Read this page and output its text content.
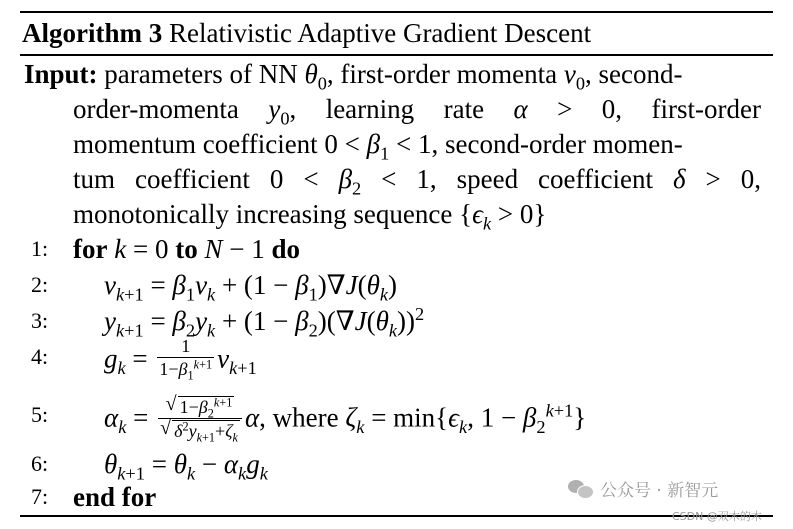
Algorithm 3 Relativistic Adaptive Gradient Descent
Input: parameters of NN $\theta_0$, first-order momenta $v_0$, second-
order-momenta $y_0$, learning rate α > 0, first-order
momentum coefficient $0 < \beta_1 < 1$, second-order momen-
tum coefficient $0 < \beta_2 < 1$, speed coefficient δ > 0,
monotonically increasing sequence $\{\epsilon_k > 0\}$
1: for k = 0 to N − 1 do
2: $v_{k+1} = \beta_1v_k + (1 - \beta_1)\nabla J(\theta_k)$
3: $y_{k+1} = \beta_2y_k + (1 - \beta_2)(\nabla J(\theta_k))^2$
4: $g_k = \frac{1}{1-\beta_1^{k+1}} v_{k+1}$
5: $\alpha_k = \frac{√ 1-\beta_2^{k+1}}{√ \delta^2y_{k+1}+\zeta_k} \alpha$, where $\zeta_k = \min\{\epsilon_k$, $1 - \beta_2^{k+1}$}
6: $\theta_{k+1} = \theta_k - \alpha_kg_k$
7: end for	公众号 · 新智元
CSDN @双木的木
